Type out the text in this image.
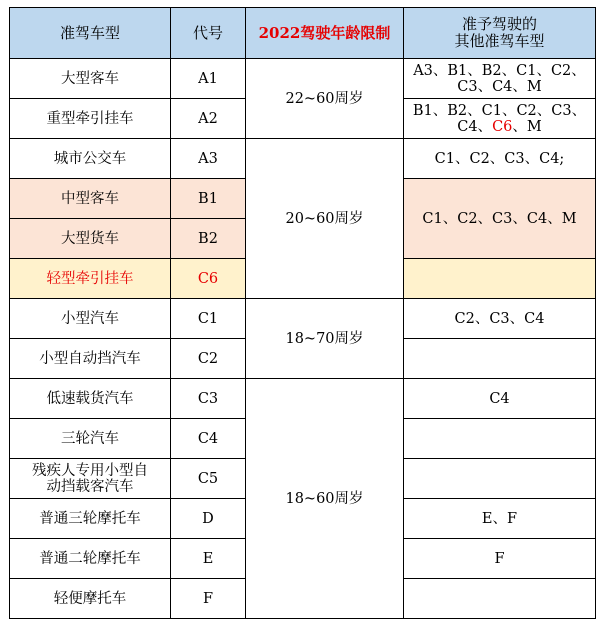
准驾车型	代号	2022驾驶年龄限制	准予驾驶的
其他准驾车型
大型客车	A1	22~60周岁	A3、B1、B2、C1、C2、
C3、C4、M
重型牵引挂车	A2		B1、B2、C1、C2、C3、
C4、C6、M
城市公交车	A3	20~60周岁	C1、C2、C3、C4;
中型客车	B1		C1、C2、C3、C4、M
大型货车	B2		
轻型牵引挂车	C6		
小型汽车	C1	18~70周岁	C2、C3、C4
小型自动挡汽车	C2		
低速载货汽车	C3	18~60周岁	C4
三轮汽车	C4		
残疾人专用小型自
动挡载客汽车	C5		
普通三轮摩托车	D		E、F
普通二轮摩托车	E		F
轻便摩托车	F		
